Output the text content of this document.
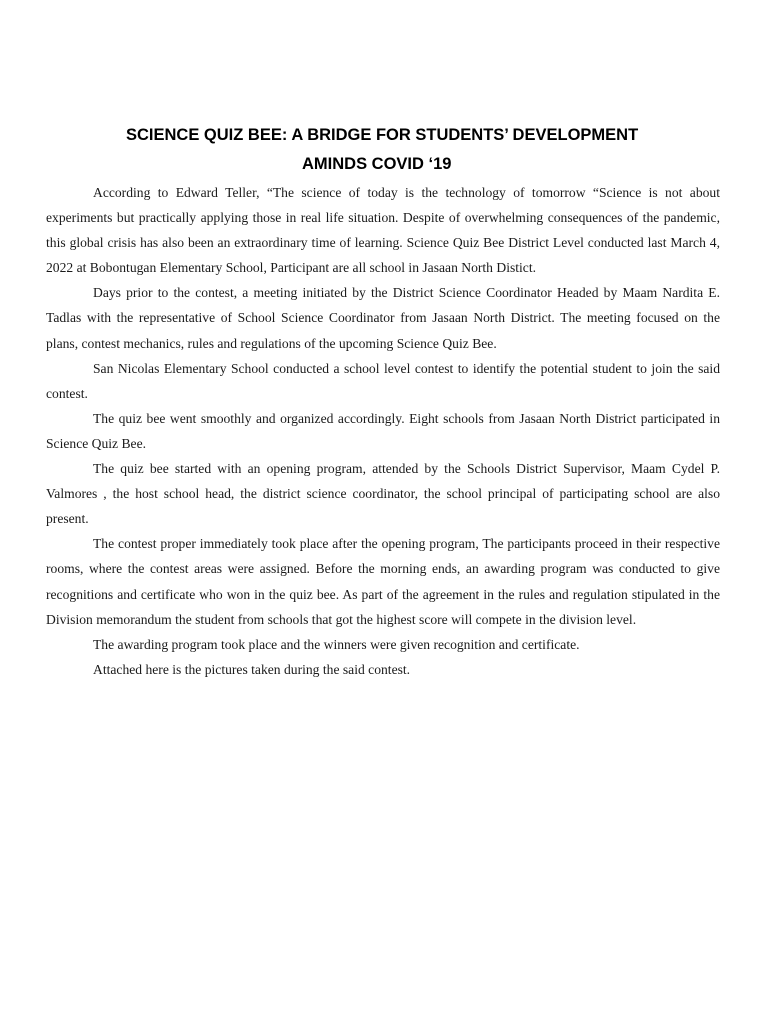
SCIENCE QUIZ BEE: A BRIDGE FOR STUDENTS’ DEVELOPMENT
AMINDS COVID ‘19

According to Edward Teller, “The science of today is the technology of tomorrow “Science is not about experiments but practically applying those in real life situation. Despite of overwhelming consequences of the pandemic, this global crisis has also been an extraordinary time of learning. Science Quiz Bee District Level conducted last March 4, 2022 at Bobontugan Elementary School, Participant are all school in Jasaan North Distict.

Days prior to the contest, a meeting initiated by the District Science Coordinator Headed by Maam Nardita E. Tadlas with the representative of School Science Coordinator from Jasaan North District. The meeting focused on the plans, contest mechanics, rules and regulations of the upcoming Science Quiz Bee.

San Nicolas Elementary School conducted a school level contest to identify the potential student to join the said contest.

The quiz bee went smoothly and organized accordingly. Eight schools from Jasaan North District participated in Science Quiz Bee.

The quiz bee started with an opening program, attended by the Schools District Supervisor, Maam Cydel P. Valmores , the host school head, the district science coordinator, the school principal of participating school are also present.

The contest proper immediately took place after the opening program, The participants proceed in their respective rooms, where the contest areas were assigned. Before the morning ends, an awarding program was conducted to give recognitions and certificate who won in the quiz bee. As part of the agreement in the rules and regulation stipulated in the Division memorandum the student from schools that got the highest score will compete in the division level.

The awarding program took place and the winners were given recognition and certificate.

Attached here is the pictures taken during the said contest.
